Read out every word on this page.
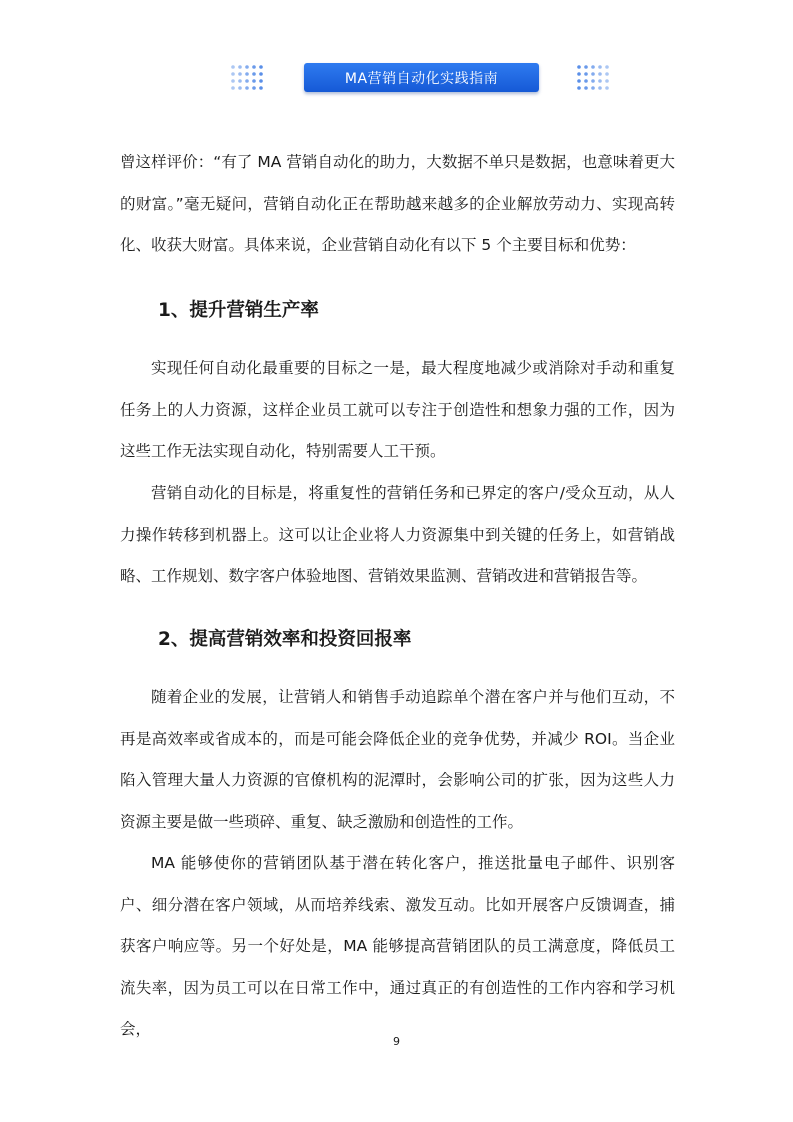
MA营销自动化实践指南

曾这样评价：“有了 MA 营销自动化的助力，大数据不单只是数据，也意味着更大的财富。”毫无疑问，营销自动化正在帮助越来越多的企业解放劳动力、实现高转化、收获大财富。具体来说，企业营销自动化有以下 5 个主要目标和优势：

1、提升营销生产率

实现任何自动化最重要的目标之一是，最大程度地减少或消除对手动和重复任务上的人力资源，这样企业员工就可以专注于创造性和想象力强的工作，因为这些工作无法实现自动化，特别需要人工干预。

营销自动化的目标是，将重复性的营销任务和已界定的客户/受众互动，从人力操作转移到机器上。这可以让企业将人力资源集中到关键的任务上，如营销战略、工作规划、数字客户体验地图、营销效果监测、营销改进和营销报告等。

2、提高营销效率和投资回报率

随着企业的发展，让营销人和销售手动追踪单个潜在客户并与他们互动，不再是高效率或省成本的，而是可能会降低企业的竞争优势，并减少 ROI。当企业陷入管理大量人力资源的官僚机构的泥潭时，会影响公司的扩张，因为这些人力资源主要是做一些琐碎、重复、缺乏激励和创造性的工作。

MA 能够使你的营销团队基于潜在转化客户，推送批量电子邮件、识别客户、细分潜在客户领域，从而培养线索、激发互动。比如开展客户反馈调查，捕获客户响应等。另一个好处是，MA 能够提高营销团队的员工满意度，降低员工流失率，因为员工可以在日常工作中，通过真正的有创造性的工作内容和学习机会，

9
